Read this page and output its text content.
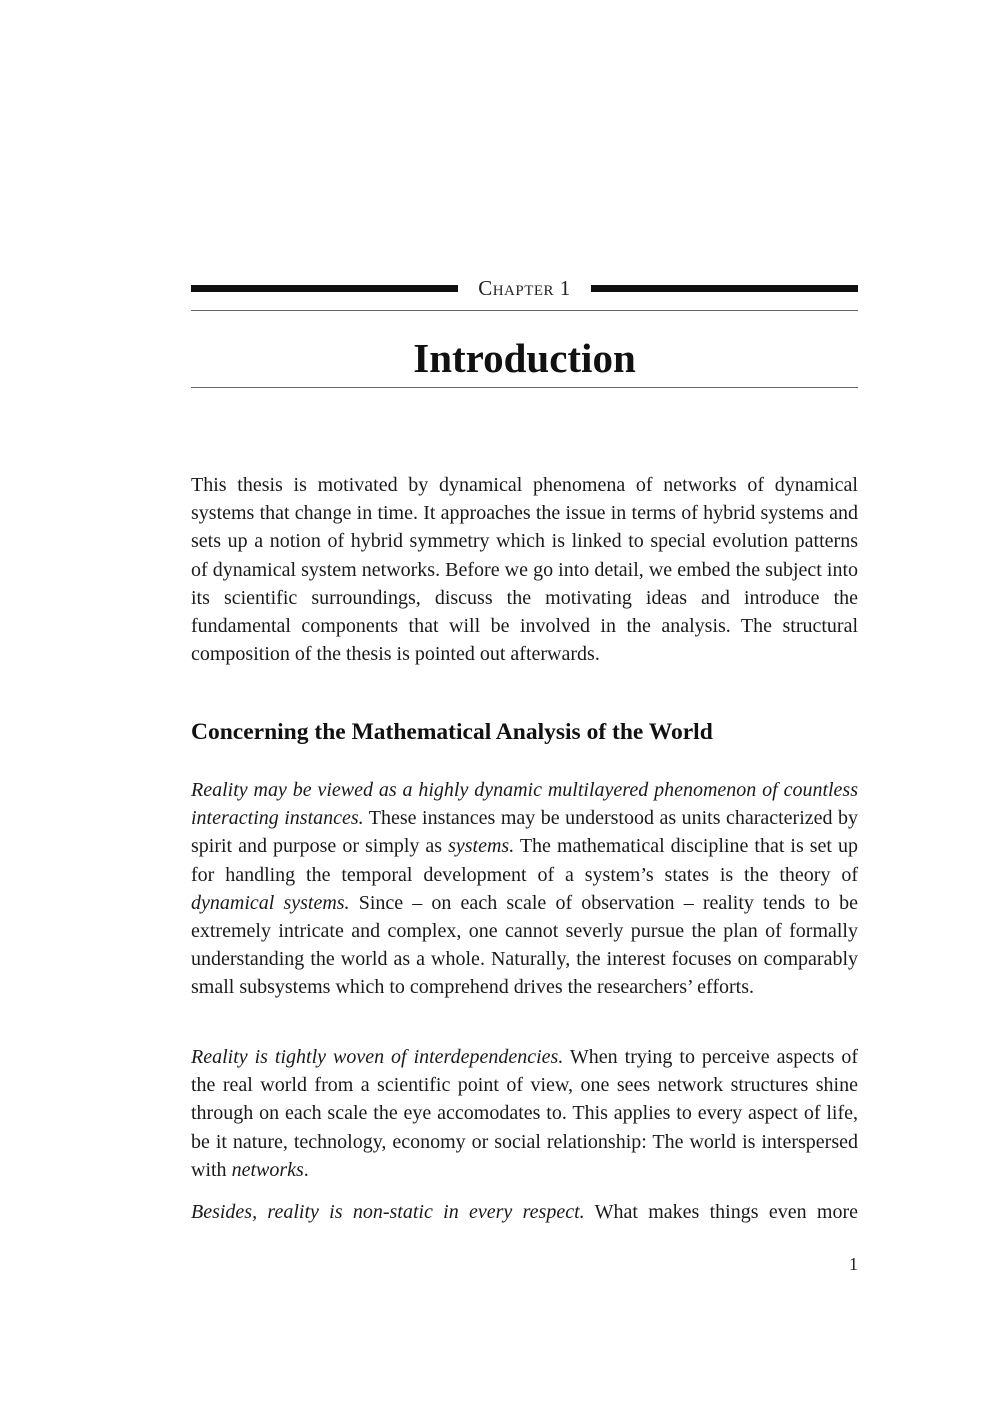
Chapter 1
Introduction

This thesis is motivated by dynamical phenomena of networks of dynamical systems that change in time. It approaches the issue in terms of hybrid systems and sets up a notion of hybrid symmetry which is linked to special evolution patterns of dynamical system networks. Before we go into detail, we embed the subject into its scientific surroundings, discuss the motivating ideas and introduce the fundamental components that will be involved in the analysis. The structural composition of the thesis is pointed out afterwards.

Concerning the Mathematical Analysis of the World

Reality may be viewed as a highly dynamic multilayered phenomenon of countless interacting instances. These instances may be understood as units characterized by spirit and purpose or simply as systems. The mathematical discipline that is set up for handling the temporal development of a system’s states is the theory of dynamical systems. Since – on each scale of observation – reality tends to be extremely intricate and complex, one cannot severly pursue the plan of formally understanding the world as a whole. Naturally, the interest focuses on comparably small subsystems which to comprehend drives the researchers’ efforts.

Reality is tightly woven of interdependencies. When trying to perceive aspects of the real world from a scientific point of view, one sees network structures shine through on each scale the eye accomodates to. This applies to every aspect of life, be it nature, technology, economy or social relationship: The world is interspersed with networks.

Besides, reality is non-static in every respect. What makes things even more

1
